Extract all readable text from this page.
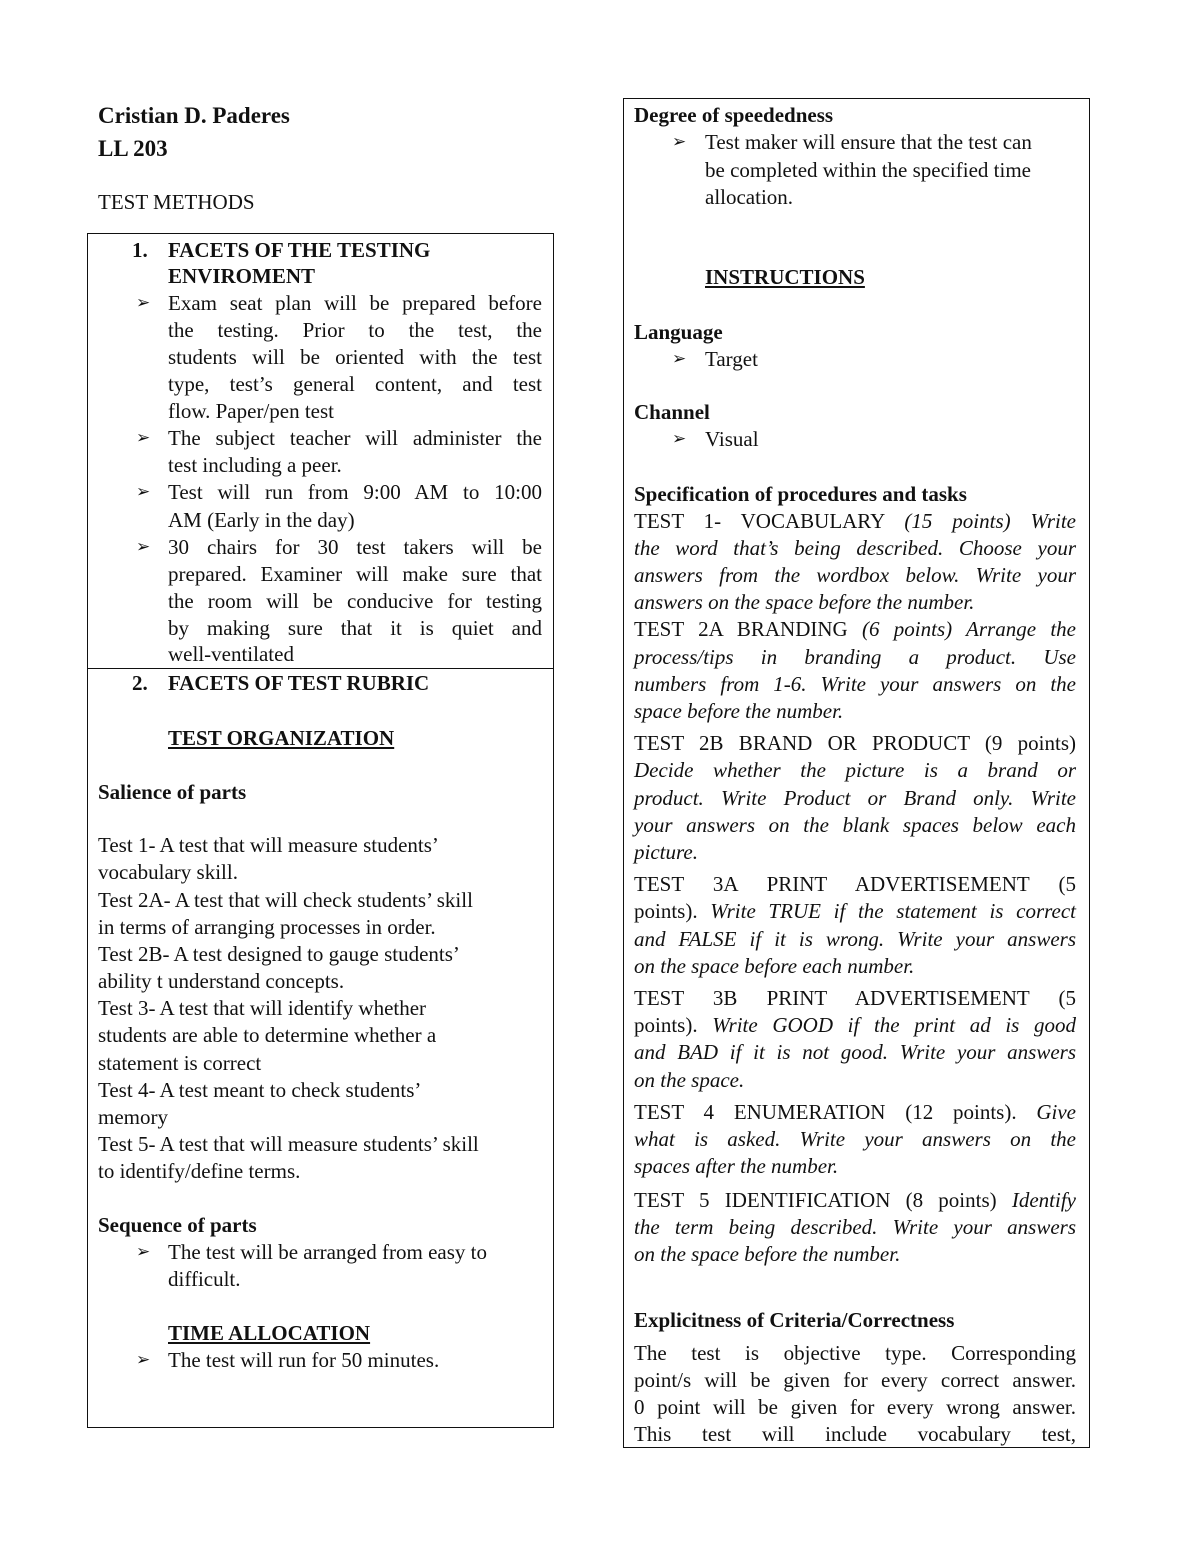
Cristian D. Paderes
LL 203
TEST METHODS
1. FACETS OF THE TESTING
ENVIROMENT
➢ Exam seat plan will be prepared before
the testing. Prior to the test, the
students will be oriented with the test
type, test’s general content, and test
flow. Paper/pen test
➢ The subject teacher will administer the
test including a peer.
➢ Test will run from 9:00 AM to 10:00
AM (Early in the day)
➢ 30 chairs for 30 test takers will be
prepared. Examiner will make sure that
the room will be conducive for testing
by making sure that it is quiet and
well-ventilated
2. FACETS OF TEST RUBRIC
TEST ORGANIZATION
Salience of parts
Test 1- A test that will measure students’
vocabulary skill.
Test 2A- A test that will check students’ skill
in terms of arranging processes in order.
Test 2B- A test designed to gauge students’
ability t understand concepts.
Test 3- A test that will identify whether
students are able to determine whether a
statement is correct
Test 4- A test meant to check students’
memory
Test 5- A test that will measure students’ skill
to identify/define terms.
Sequence of parts
➢ The test will be arranged from easy to
difficult.
TIME ALLOCATION
➢ The test will run for 50 minutes.
Degree of speededness
➢ Test maker will ensure that the test can
be completed within the specified time
allocation.
INSTRUCTIONS
Language
➢ Target
Channel
➢ Visual
Specification of procedures and tasks
TEST 1- VOCABULARY (15 points) Write
the word that’s being described. Choose your
answers from the wordbox below. Write your
answers on the space before the number.
TEST 2A BRANDING (6 points) Arrange the
process/tips in branding a product. Use
numbers from 1-6. Write your answers on the
space before the number.
TEST 2B BRAND OR PRODUCT (9 points)
Decide whether the picture is a brand or
product. Write Product or Brand only. Write
your answers on the blank spaces below each
picture.
TEST 3A PRINT ADVERTISEMENT (5
points). Write TRUE if the statement is correct
and FALSE if it is wrong. Write your answers
on the space before each number.
TEST 3B PRINT ADVERTISEMENT (5
points). Write GOOD if the print ad is good
and BAD if it is not good. Write your answers
on the space.
TEST 4 ENUMERATION (12 points). Give
what is asked. Write your answers on the
spaces after the number.
TEST 5 IDENTIFICATION (8 points) Identify
the term being described. Write your answers
on the space before the number.
Explicitness of Criteria/Correctness
The test is objective type. Corresponding
point/s will be given for every correct answer.
0 point will be given for every wrong answer.
This test will include vocabulary test,
